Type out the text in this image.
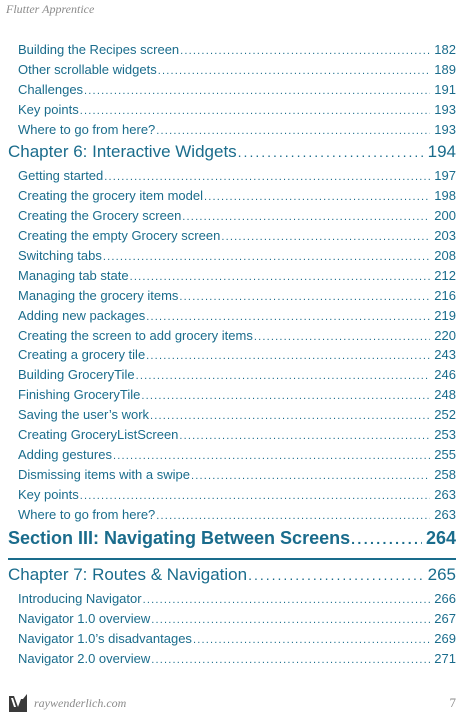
Flutter Apprentice
Building the Recipes screen .....	182
Other scrollable widgets .....	189
Challenges .....	191
Key points .....	193
Where to go from here? .....	193
Chapter 6: Interactive Widgets .....	194
Getting started .....	197
Creating the grocery item model .....	198
Creating the Grocery screen .....	200
Creating the empty Grocery screen .....	203
Switching tabs .....	208
Managing tab state .....	212
Managing the grocery items .....	216
Adding new packages .....	219
Creating the screen to add grocery items .....	220
Creating a grocery tile .....	243
Building GroceryTile .....	246
Finishing GroceryTile .....	248
Saving the user’s work .....	252
Creating GroceryListScreen .....	253
Adding gestures .....	255
Dismissing items with a swipe .....	258
Key points .....	263
Where to go from here? .....	263
Section III: Navigating Between Screens .....	264
Chapter 7: Routes & Navigation .....	265
Introducing Navigator .....	266
Navigator 1.0 overview .....	267
Navigator 1.0’s disadvantages .....	269
Navigator 2.0 overview .....	271
raywenderlich.com	7
